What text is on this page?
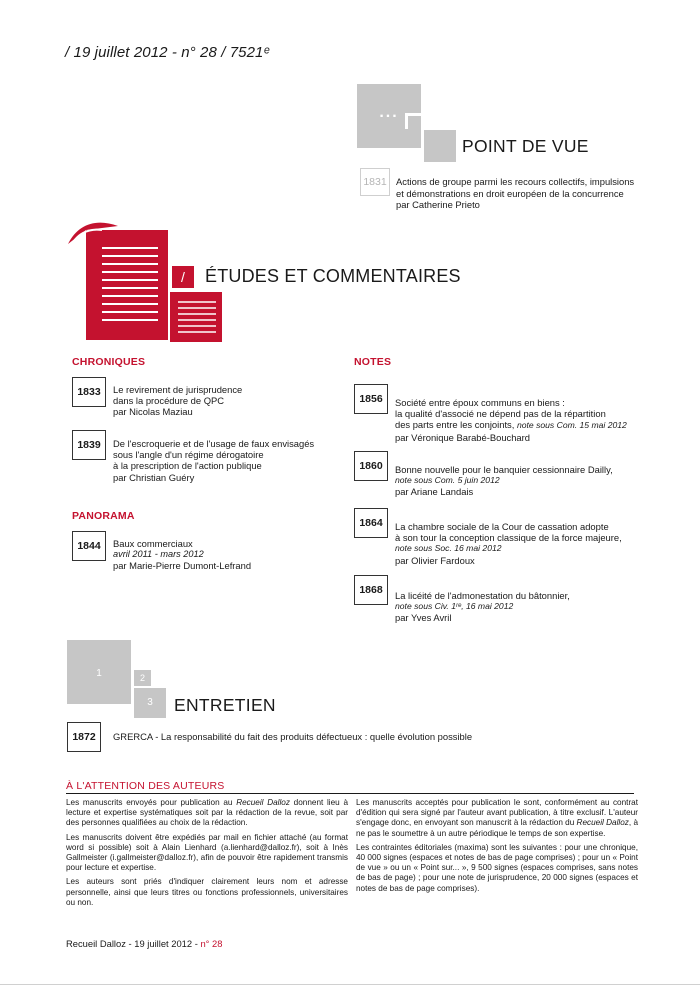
/ 19 juillet 2012 - n° 28 / 7521ᵉ
...
POINT DE VUE
1831 Actions de groupe parmi les recours collectifs, impulsions
et démonstrations en droit européen de la concurrence
par Catherine Prieto
/	ÉTUDES ET COMMENTAIRES
CHRONIQUES
1833	Le revirement de jurisprudence
dans la procédure de QPC
par Nicolas Maziau
1839	De l'escroquerie et de l'usage de faux envisagés
sous l'angle d'un régime dérogatoire
à la prescription de l'action publique
par Christian Guéry
PANORAMA
1844	Baux commerciaux
avril 2011 - mars 2012
par Marie-Pierre Dumont-Lefrand
NOTES
1856	Société entre époux communs en biens :
la qualité d'associé ne dépend pas de la répartition
des parts entre les conjoints, note sous Com. 15 mai 2012
par Véronique Barabé-Bouchard
1860	Bonne nouvelle pour le banquier cessionnaire Dailly,
note sous Com. 5 juin 2012
par Ariane Landais
1864	La chambre sociale de la Cour de cassation adopte
à son tour la conception classique de la force majeure,
note sous Soc. 16 mai 2012
par Olivier Fardoux
1868	La licéité de l'admonestation du bâtonnier,
note sous Civ. 1ʳᵉ, 16 mai 2012
par Yves Avril
1	2
3	ENTRETIEN
1872	GRERCA - La responsabilité du fait des produits défectueux : quelle évolution possible
À L'ATTENTION DES AUTEURS

Les manuscrits envoyés pour publication au Recueil Dalloz donnent lieu à lecture et expertise systématiques soit par la rédaction de la revue, soit par des personnes qualifiées au choix de la rédaction.

Les manuscrits doivent être expédiés par mail en fichier attaché (au format word si possible) soit à Alain Lienhard (a.lienhard@dalloz.fr), soit à Inès Gallmeister (i.gallmeister@dalloz.fr), afin de pouvoir être rapidement transmis pour lecture et expertise.

Les auteurs sont priés d'indiquer clairement leurs nom et adresse personnelle, ainsi que leurs titres ou fonctions professionnels, universitaires ou non.

Les manuscrits acceptés pour publication le sont, conformément au contrat d'édition qui sera signé par l'auteur avant publication, à titre exclusif. L'auteur s'engage donc, en envoyant son manuscrit à la rédaction du Recueil Dalloz, à ne pas le soumettre à un autre périodique le temps de son expertise.

Les contraintes éditoriales (maxima) sont les suivantes : pour une chronique, 40 000 signes (espaces et notes de bas de page comprises) ; pour un « Point de vue » ou un « Point sur... », 9 500 signes (espaces comprises, sans notes de bas de page) ; pour une note de jurisprudence, 20 000 signes (espaces et notes de bas de page comprises).

Recueil Dalloz - 19 juillet 2012 - n° 28
